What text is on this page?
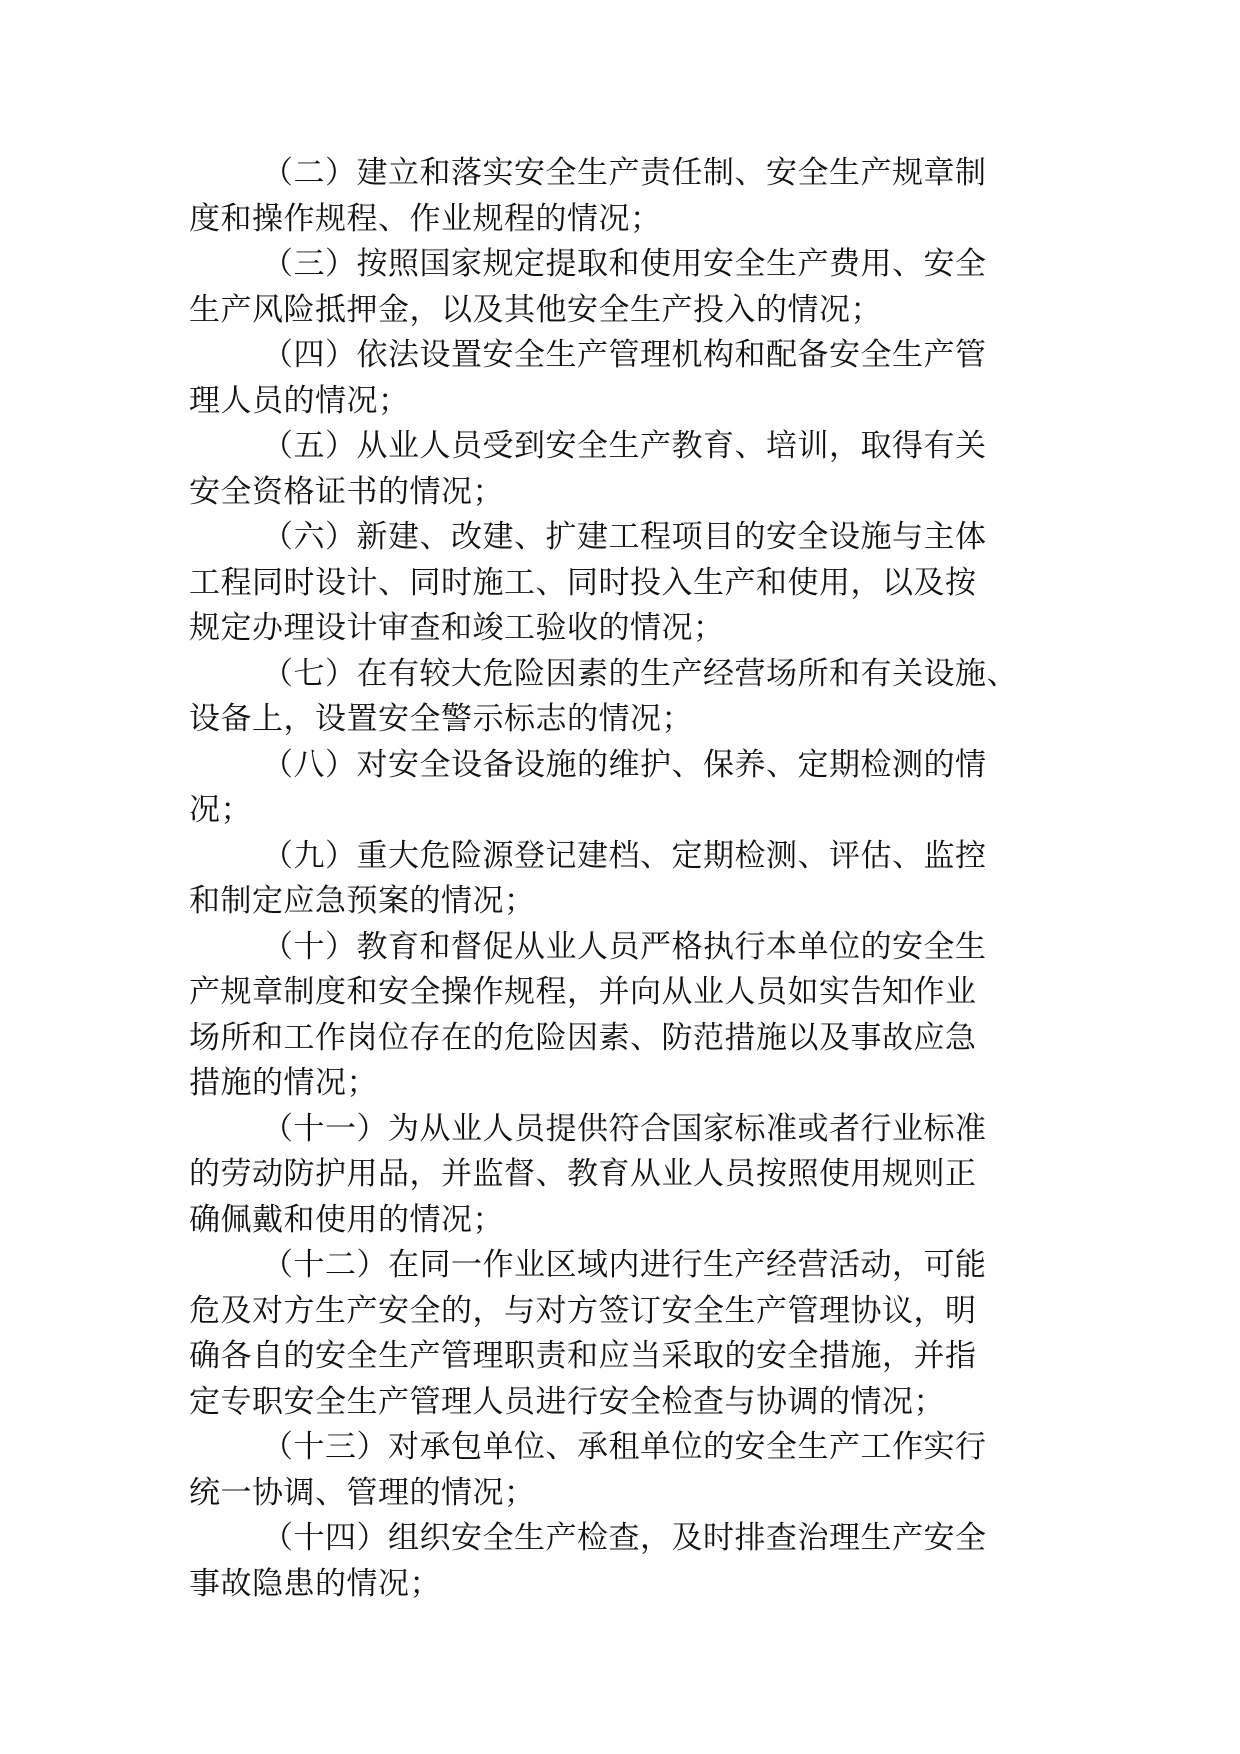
（二）建立和落实安全生产责任制、安全生产规章制
度和操作规程、作业规程的情况；

（三）按照国家规定提取和使用安全生产费用、安全
生产风险抵押金，以及其他安全生产投入的情况；

（四）依法设置安全生产管理机构和配备安全生产管
理人员的情况；

（五）从业人员受到安全生产教育、培训，取得有关
安全资格证书的情况；

（六）新建、改建、扩建工程项目的安全设施与主体
工程同时设计、同时施工、同时投入生产和使用，以及按
规定办理设计审查和竣工验收的情况；

（七）在有较大危险因素的生产经营场所和有关设施、
设备上，设置安全警示标志的情况；

（八）对安全设备设施的维护、保养、定期检测的情
况；

（九）重大危险源登记建档、定期检测、评估、监控
和制定应急预案的情况；

（十）教育和督促从业人员严格执行本单位的安全生
产规章制度和安全操作规程，并向从业人员如实告知作业
场所和工作岗位存在的危险因素、防范措施以及事故应急
措施的情况；

（十一）为从业人员提供符合国家标准或者行业标准
的劳动防护用品，并监督、教育从业人员按照使用规则正
确佩戴和使用的情况；

（十二）在同一作业区域内进行生产经营活动，可能
危及对方生产安全的，与对方签订安全生产管理协议，明
确各自的安全生产管理职责和应当采取的安全措施，并指
定专职安全生产管理人员进行安全检查与协调的情况；

（十三）对承包单位、承租单位的安全生产工作实行
统一协调、管理的情况；

（十四）组织安全生产检查，及时排查治理生产安全
事故隐患的情况；
